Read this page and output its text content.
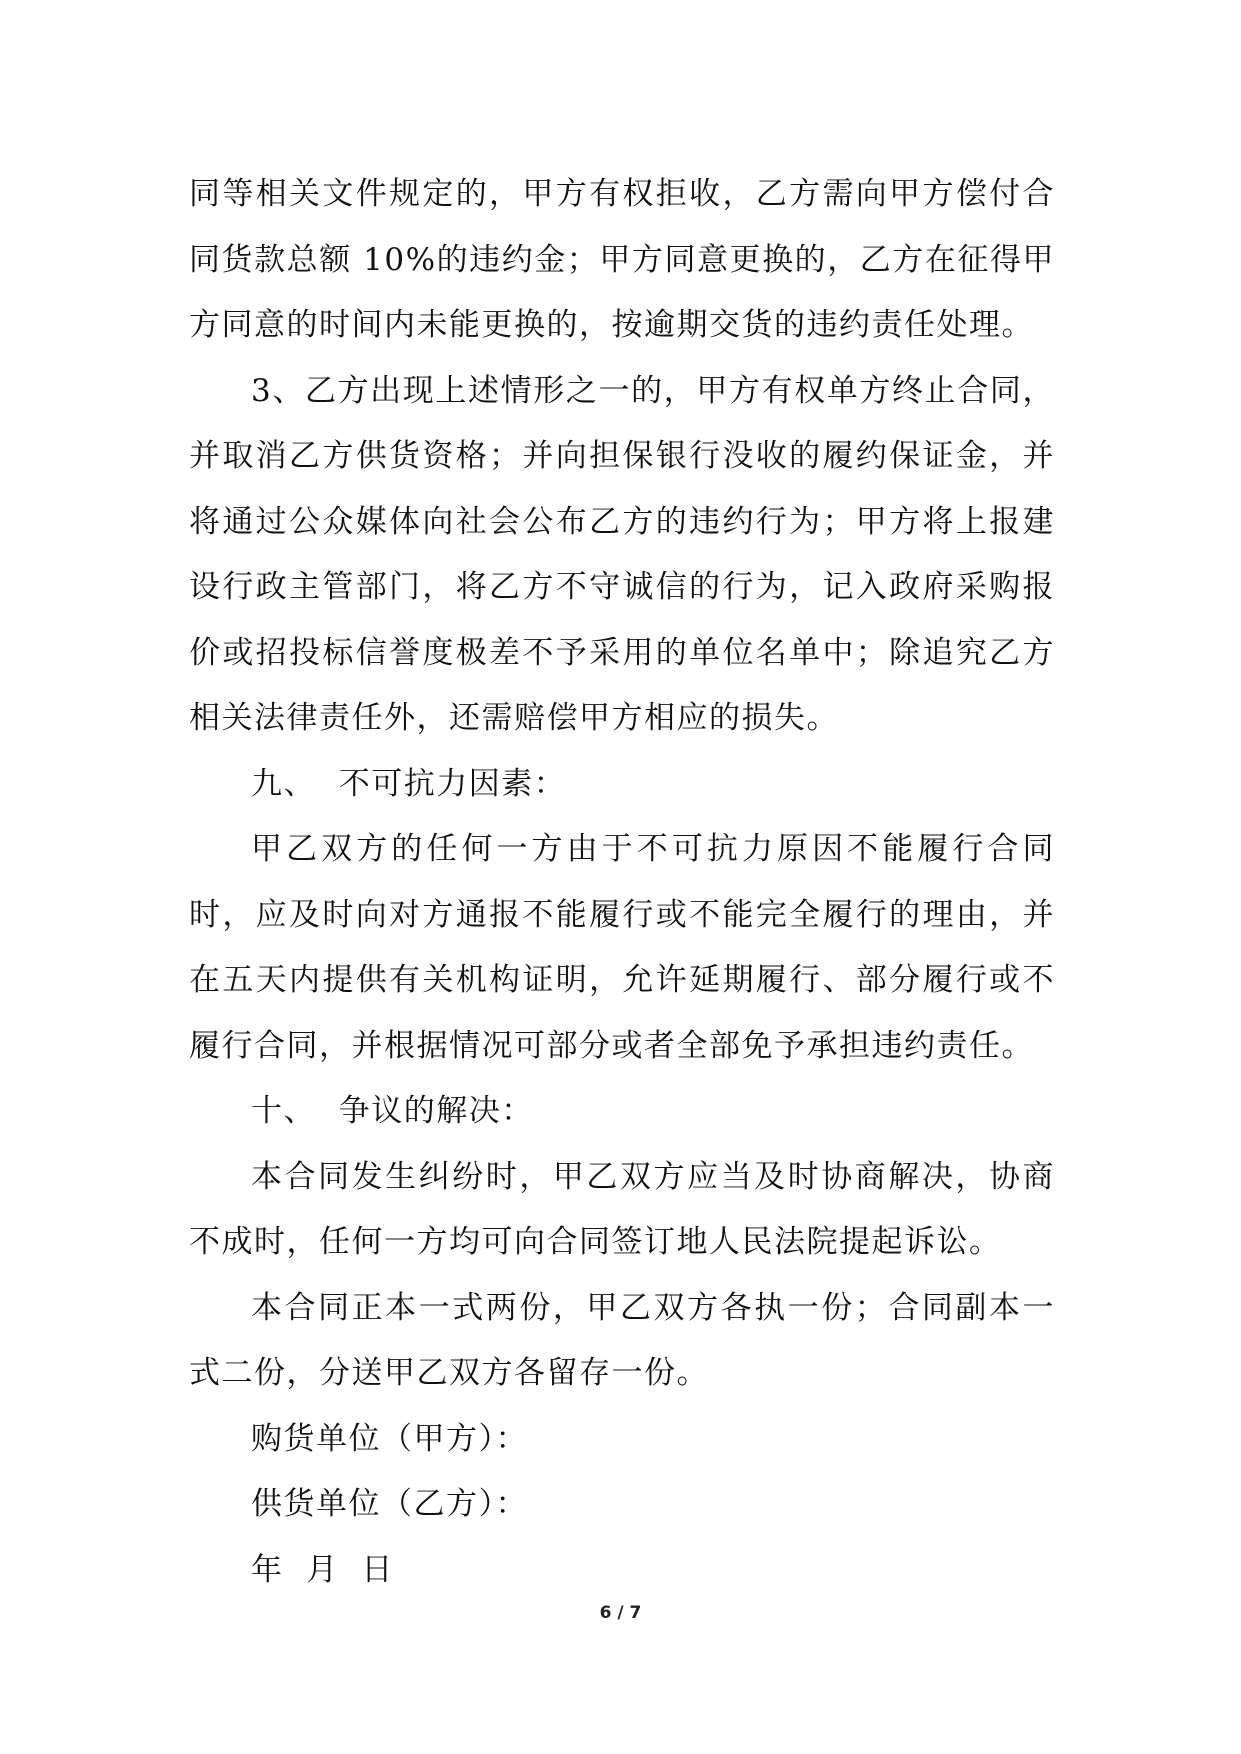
同等相关文件规定的，甲方有权拒收，乙方需向甲方偿付合同货款总额 10%的违约金；甲方同意更换的，乙方在征得甲方同意的时间内未能更换的，按逾期交货的违约责任处理。

3、乙方出现上述情形之一的，甲方有权单方终止合同，并取消乙方供货资格；并向担保银行没收的履约保证金，并将通过公众媒体向社会公布乙方的违约行为；甲方将上报建设行政主管部门，将乙方不守诚信的行为，记入政府采购报价或招投标信誉度极差不予采用的单位名单中；除追究乙方相关法律责任外，还需赔偿甲方相应的损失。

九、  不可抗力因素：

甲乙双方的任何一方由于不可抗力原因不能履行合同时，应及时向对方通报不能履行或不能完全履行的理由，并在五天内提供有关机构证明，允许延期履行、部分履行或不履行合同，并根据情况可部分或者全部免予承担违约责任。

十、  争议的解决：

本合同发生纠纷时，甲乙双方应当及时协商解决，协商不成时，任何一方均可向合同签订地人民法院提起诉讼。

本合同正本一式两份，甲乙双方各执一份；合同副本一式二份，分送甲乙双方各留存一份。

购货单位（甲方）：

供货单位（乙方）：

年  月  日

6 / 7
